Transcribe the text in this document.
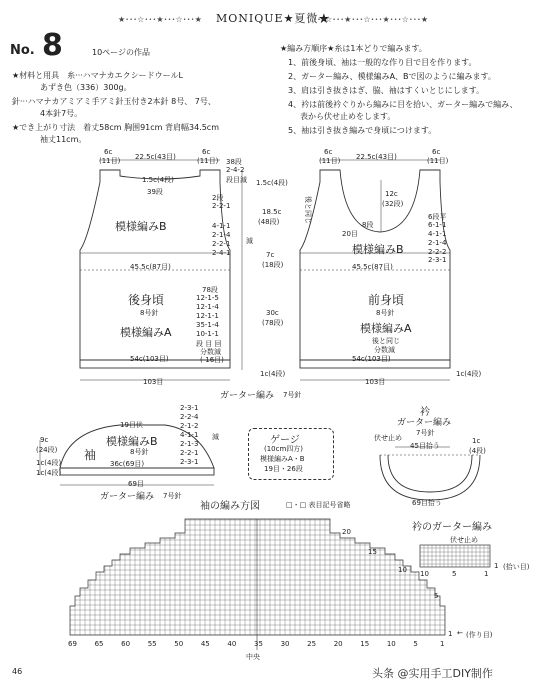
★･･･☆･･･★･･･☆･･･★ MONIQUE★夏微★
･･･☆･･･★･･･☆･･･★･･･☆･･･★
No. 8	10ページの作品
★材料と用具　糸···ハマナカエクシードウールL
あずき色（336）300g。
針···ハマナカアミアミ手アミ針玉付き2本針 8号、 7号、
4本針7号。
★でき上がり寸法　着丈58cm 胸围91cm 背肩幅34.5cm
袖丈11cm。
★編み方順序★糸は1本どりで編みます。
1、前後身頃、袖は一般的な作り目で目を作ります。
2、ガーター編み、模様編みA、Bで図のように編みます。
3、肩は引き抜きはぎ、脇、袖はすくいとじにします。
4、衿は前後衿ぐりから編みに目を拾い、ガーター編みで編み、
表から伏せ止めをします。
5、袖は引き抜き編みで身頃につけます。
6c
(11目) 22.5c(43目)
6c
(11目)
1.5c(4段)
38段
2-4-2
段目減
39段
2段
2-2-1
1.5c(4段)
18.5c
(48段)
4-1-1
2-1-4
2-2-1
2-4-1
減
模様編みB
45.5c(87目)
7c
(18段)
後身頃
8号針
模様編みA
78段
12-1-5
12-1-4
12-1-1
35-1-4
10-1-1
段 目 回
分数減
(-16目)
30c
(78段)
54c(103目)
1c(4段)
103目
ガーター編み 7号針
6c
(11目) 22.5c(43目)
6c
(11目)
12c
(32段)
後と同じ
20目
8段
6段平
6-1-1
4-1-1
2-1-4
2-2-2
2-3-1
模様編みB
45.5c(87目)
前身頃
8号針
模様編みA
後と同じ
分数減
54c(103目)
103目
1c(4段)
19目伏
模様編みB
8号針
袖
36c(69目)
9c
(24段)
1c(4段)
1c(4段)
69目
ガーター編み 7号針
2-3-1
2-2-4
2-1-2
4-1-1
2-1-3
2-2-1
2-3-1
減	ゲージ
(10cm四方)
模様編みA・B
19目・26段
衿
ガーター編み
7号針
伏せ止め
45目拾う
1c
(4段)
69目拾う
袖の編み方図	□・□ 表目記号省略
20
15
10
5
1 ← (作り目)
中央
69	65	60	55	50	45	40	35	30	25	20	15	10	5	1
衿のガーター編み
伏せ止め
1 (拾い目)
10	5	1
46	头条 @实用手工DIY制作
